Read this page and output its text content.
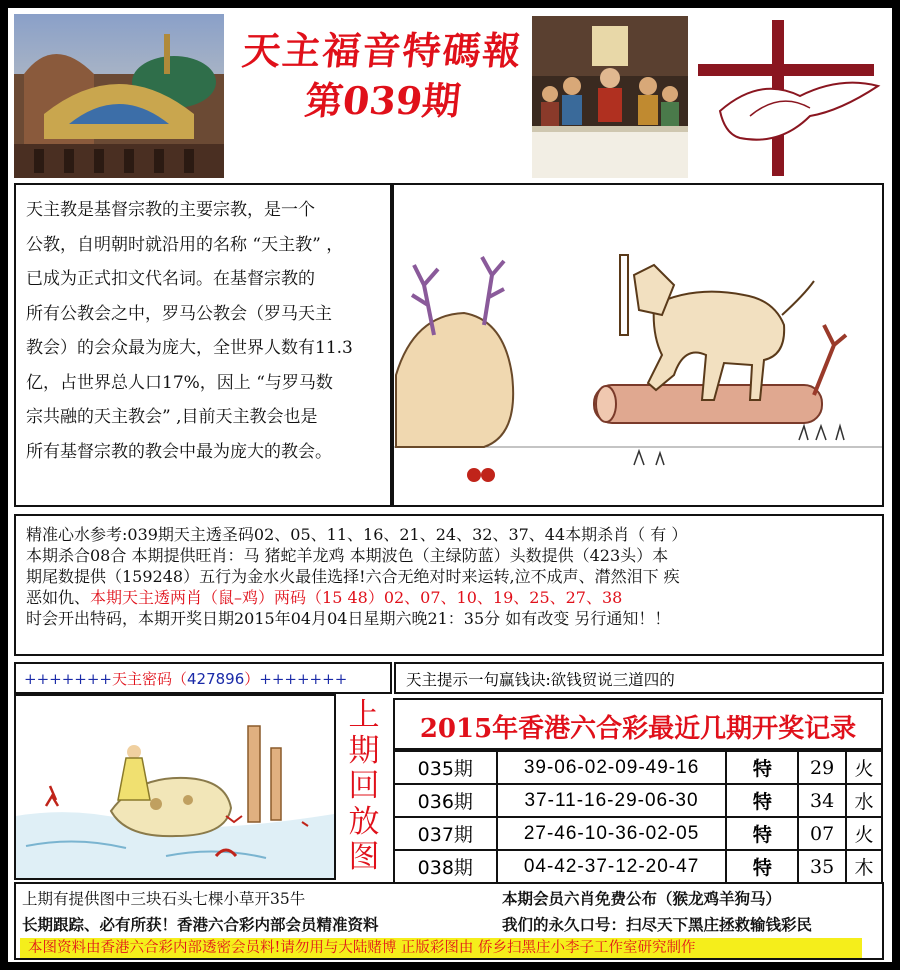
天主福音特碼報
第039期

天主教是基督宗教的主要宗教，是一个

公教，自明朝时就沿用的名称 “天主教” ，

已成为正式扣文代名词。在基督宗教的

所有公教会之中，罗马公教会（罗马天主

教会）的会众最为庞大，全世界人数有11.3

亿，占世界总人口17%，因上 “与罗马数

宗共融的天主教会” ,目前天主教会也是

所有基督宗教的教会中最为庞大的教会。

精准心水参考:039期天主透圣码02、05、11、16、21、24、32、37、44本期杀肖（ 有 ）

本期杀合08合 本期提供旺肖：马 猪蛇羊龙鸡 本期波色（主绿防蓝）头数提供（423头）本

期尾数提供（159248）五行为金水火最佳选择!六合无绝对时来运转,泣不成声、潸然泪下 疾

恶如仇、本期天主透两肖（鼠–鸡）两码（15 48）02、07、10、19、25、27、38

时会开出特码，本期开奖日期2015年04月04日星期六晚21：35分 如有改变 另行通知！！

+++++++天主密码（427896）+++++++	天主提示一句赢钱诀:欲钱贸说三道四的
上
期
回
放
图
2015年香港六合彩最近几期开奖记录
035期	39-06-02-09-49-16	特	29	火
036期	37-11-16-29-06-30	特	34	水
037期	27-46-10-36-02-05	特	07	火
038期	04-42-37-12-20-47	特	35	木

上期有提供图中三块石头七棵小草开35牛	本期会员六肖免费公布（猴龙鸡羊狗马）

长期跟踪、必有所获！香港六合彩内部会员精准资料	我们的永久口号：扫尽天下黑庄拯救输钱彩民

本图资料由香港六合彩内部透密会员料!请勿用与大陆赌博 正版彩图由 侨乡扫黑庄小李子工作室研究制作
